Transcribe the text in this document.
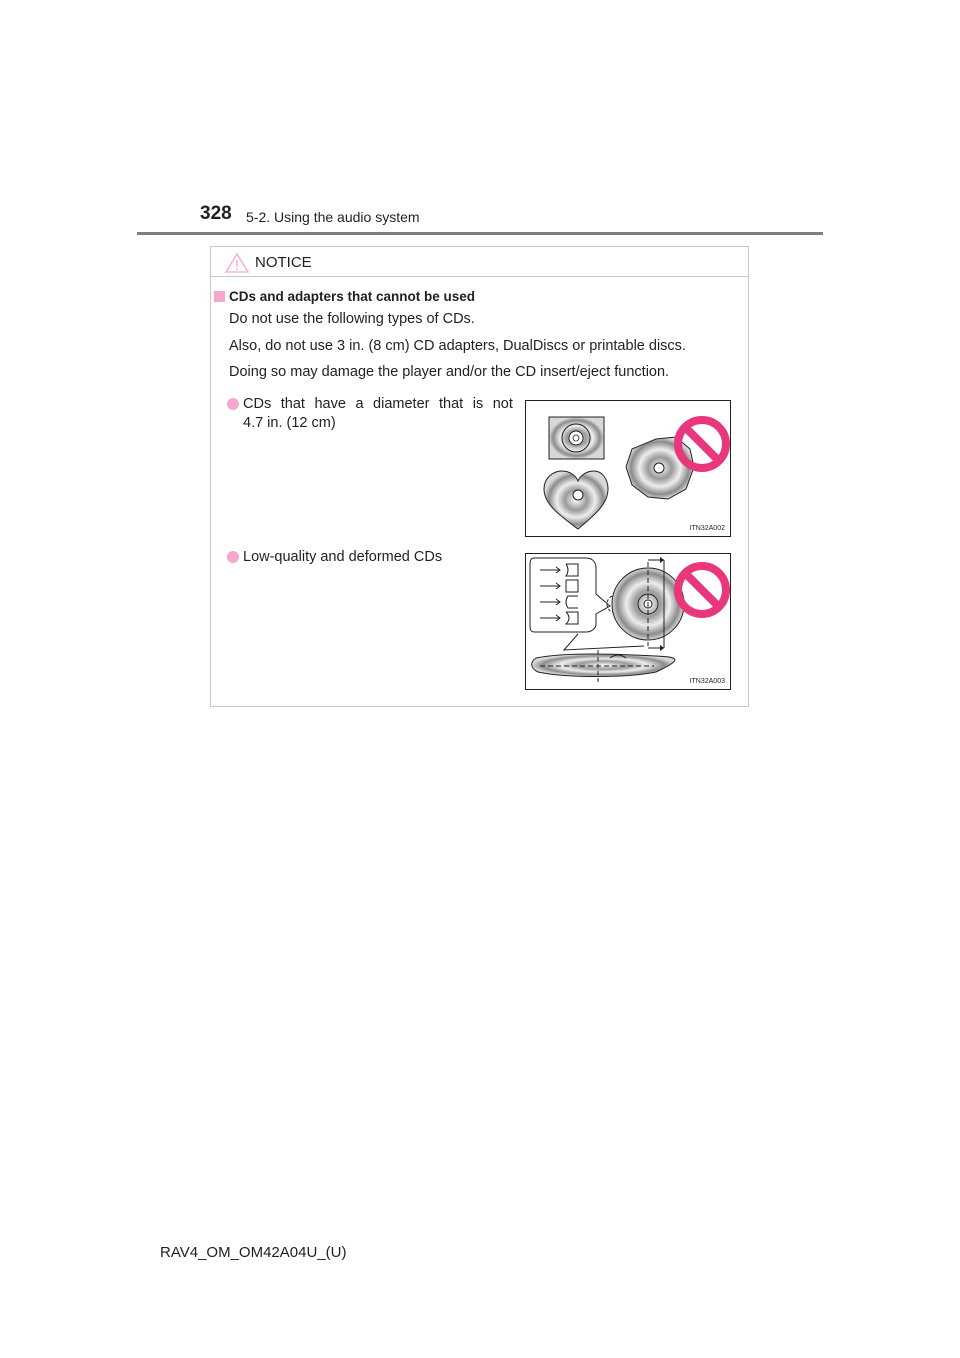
328 5-2. Using the audio system
NOTICE
CDs and adapters that cannot be used
Do not use the following types of CDs.
Also, do not use 3 in. (8 cm) CD adapters, DualDiscs or printable discs.
Doing so may damage the player and/or the CD insert/eject function.
CDs that have a diameter that is not
4.7 in. (12 cm)
ITN32A002
Low-quality and deformed CDs
ITN32A003
RAV4_OM_OM42A04U_(U)
